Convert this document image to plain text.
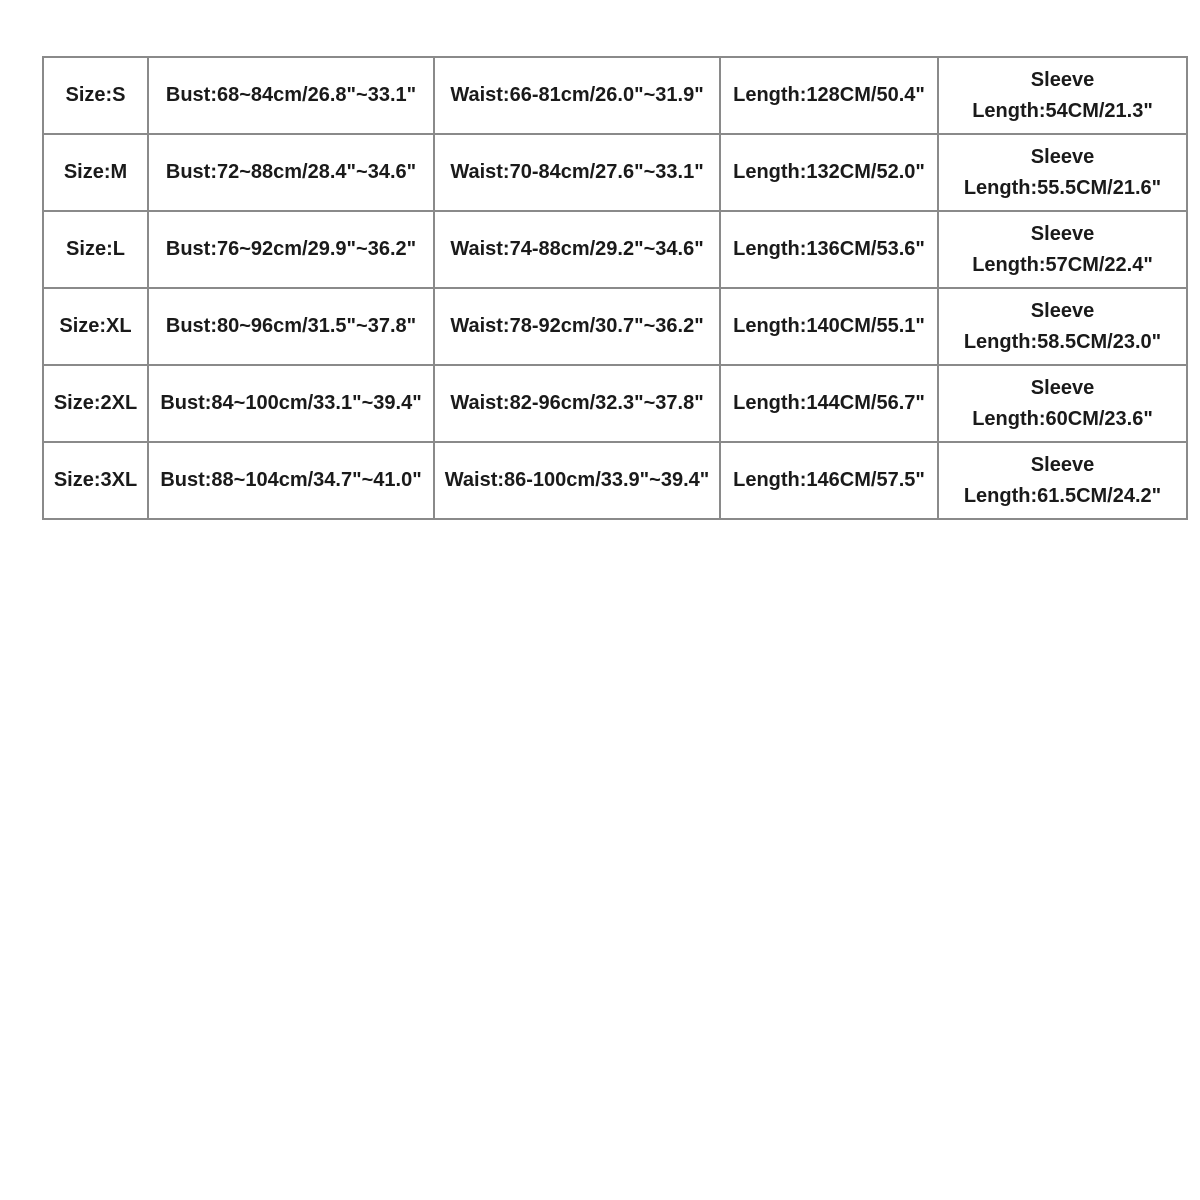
Size:S	Bust:68~84cm/26.8"~33.1"	Waist:66-81cm/26.0"~31.9"	Length:128CM/50.4"	Sleeve
Length:54CM/21.3"

Size:M	Bust:72~88cm/28.4"~34.6"	Waist:70-84cm/27.6"~33.1"	Length:132CM/52.0"	Sleeve
Length:55.5CM/21.6"

Size:L	Bust:76~92cm/29.9"~36.2"	Waist:74-88cm/29.2"~34.6"	Length:136CM/53.6"	Sleeve
Length:57CM/22.4"

Size:XL	Bust:80~96cm/31.5"~37.8"	Waist:78-92cm/30.7"~36.2"	Length:140CM/55.1"	Sleeve
Length:58.5CM/23.0"

Size:2XL	Bust:84~100cm/33.1"~39.4"	Waist:82-96cm/32.3"~37.8"	Length:144CM/56.7"	Sleeve
Length:60CM/23.6"

Size:3XL	Bust:88~104cm/34.7"~41.0"	Waist:86-100cm/33.9"~39.4"	Length:146CM/57.5"	Sleeve
Length:61.5CM/24.2"
